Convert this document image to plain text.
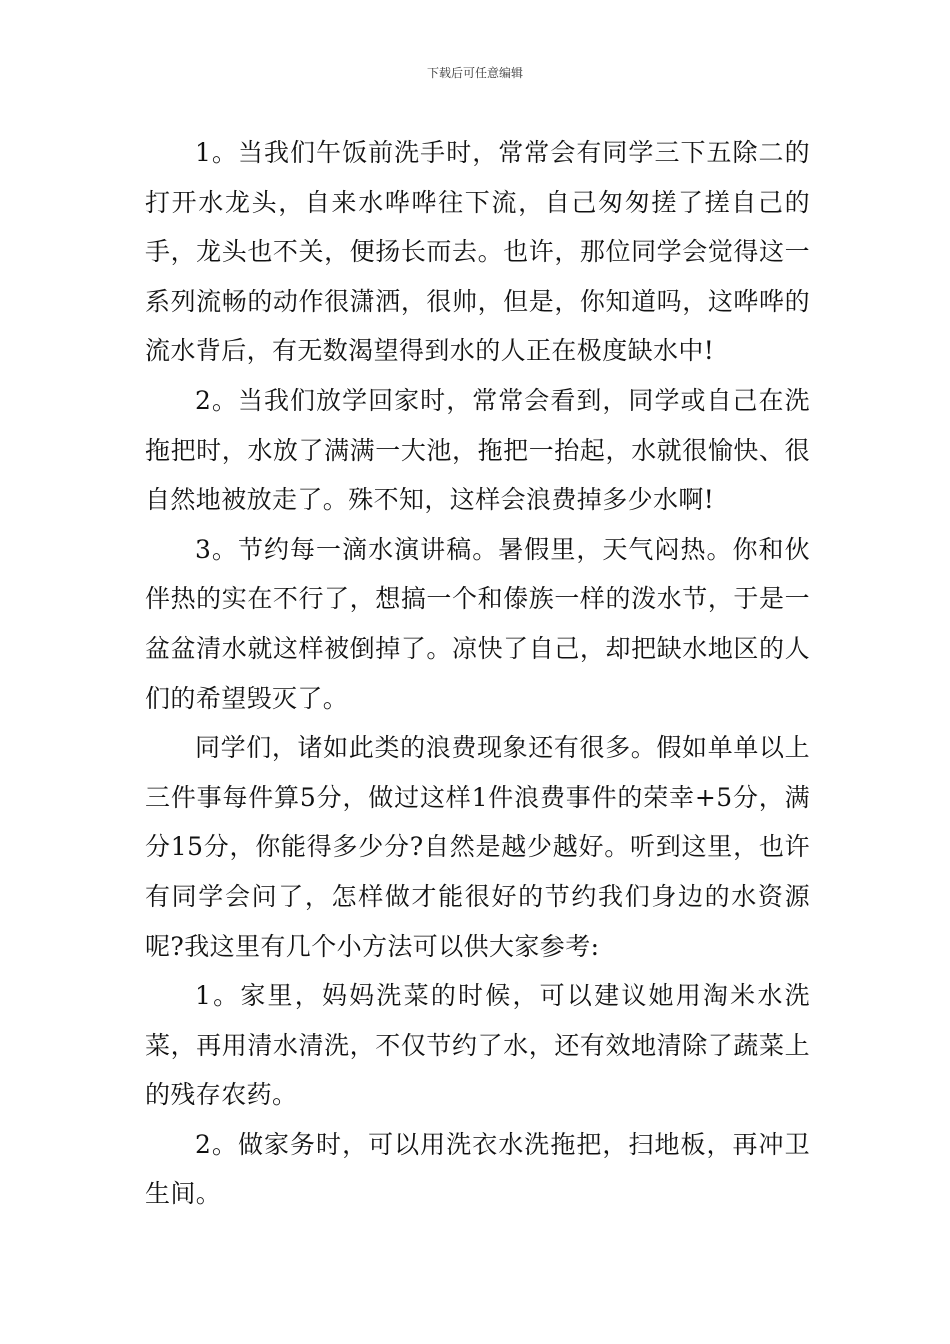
下载后可任意编辑

1。当我们午饭前洗手时，常常会有同学三下五除二的打开水龙头，自来水哗哗往下流，自己匆匆搓了搓自己的手，龙头也不关，便扬长而去。也许，那位同学会觉得这一系列流畅的动作很潇洒，很帅，但是，你知道吗，这哗哗的流水背后，有无数渴望得到水的人正在极度缺水中!

2。当我们放学回家时，常常会看到，同学或自己在洗拖把时，水放了满满一大池，拖把一抬起，水就很愉快、很自然地被放走了。殊不知，这样会浪费掉多少水啊!

3。节约每一滴水演讲稿。暑假里，天气闷热。你和伙伴热的实在不行了，想搞一个和傣族一样的泼水节，于是一盆盆清水就这样被倒掉了。凉快了自己，却把缺水地区的人们的希望毁灭了。

同学们，诸如此类的浪费现象还有很多。假如单单以上三件事每件算5分，做过这样1件浪费事件的荣幸+5分，满分15分，你能得多少分?自然是越少越好。听到这里，也许有同学会问了，怎样做才能很好的节约我们身边的水资源呢?我这里有几个小方法可以供大家参考:

1。家里，妈妈洗菜的时候，可以建议她用淘米水洗菜，再用清水清洗，不仅节约了水，还有效地清除了蔬菜上的残存农药。

2。做家务时，可以用洗衣水洗拖把，扫地板，再冲卫生间。
